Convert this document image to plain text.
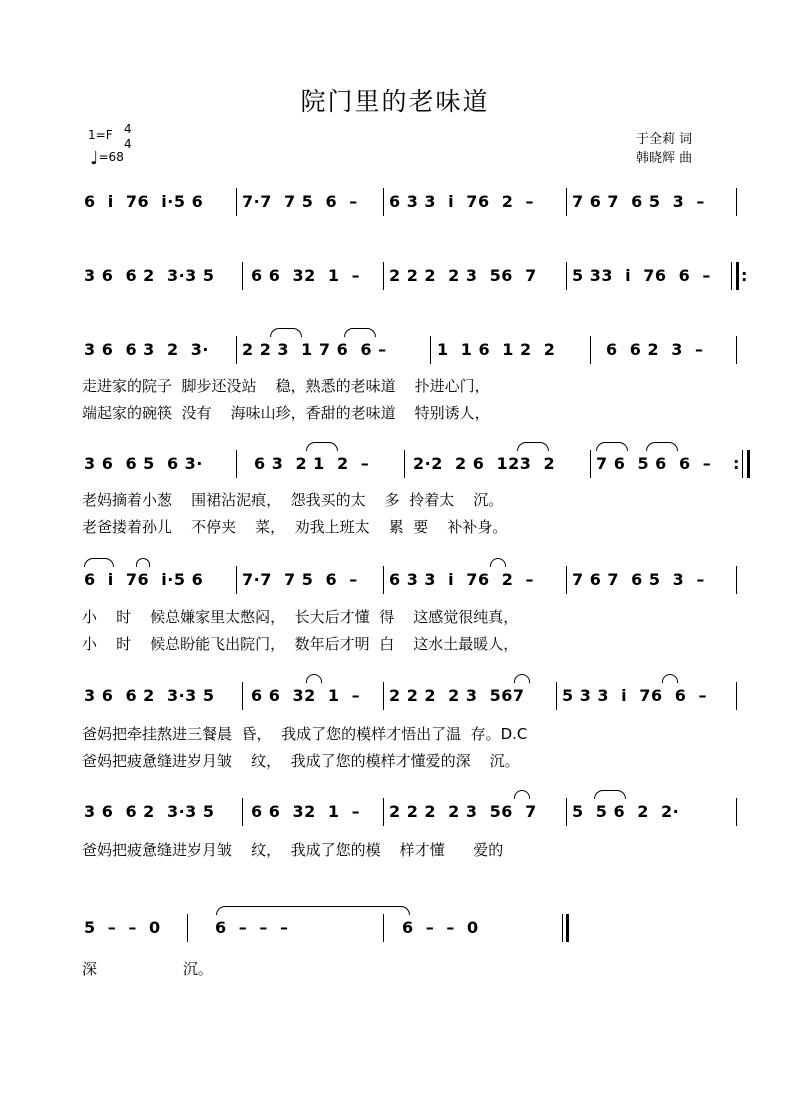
院门里的老味道
1=F 4
4
♩=68
于全莉 词
韩晓辉 曲
6  i  76  i·5 6 7·7  7 5  6  – 6 3 3  i  76  2  – 7 6 7  6 5  3  –
3 6  6 2  3·3 5 6 6  32  1  – 2 2 2  2 3  56  7 5 33  i  76  6  – :
3 6  6 3  2  3· 2 2 3  1 7 6  6 –	1  1 6  1 2  2	6  6 2  3  –
走进家的院子  脚步还没站    稳，熟悉的老味道    扑进心门，
端起家的碗筷  没有    海味山珍，香甜的老味道    特别诱人，
3 6  6 5  6 3·	6 3  2 1  2  –	2·2  2 6  123  2	7 6  5 6  6  – :
老妈摘着小葱    围裙沾泥痕，  怨我买的太    多  拎着太    沉。
老爸搂着孙儿    不停夹    菜，  劝我上班太    累  要    补补身。
6  i  76  i·5 6 7·7  7 5  6  – 6 3 3  i  76  2  – 7 6 7  6 5  3  –
小    时    候总嫌家里太憋闷，  长大后才懂  得    这感觉很纯真，
小    时    候总盼能飞出院门，  数年后才明  白    这水土最暖人，
3 6  6 2  3·3 5 6 6  32  1  – 2 2 2  2 3  567 5 3 3  i  76  6  –
爸妈把牵挂熬进三餐晨  昏，  我成了您的模样才悟出了温  存。D.C
爸妈把疲惫缝进岁月皱    纹，  我成了您的模样才懂爱的深    沉。
3 6  6 2  3·3 5 6 6  32  1  – 2 2 2  2 3  56  7 5  5 6  2  2·
爸妈把疲惫缝进岁月皱    纹，  我成了您的模    样才懂      爱的
5  –  –  0	6  –  –  –	6  –  –  0
深                  沉。
